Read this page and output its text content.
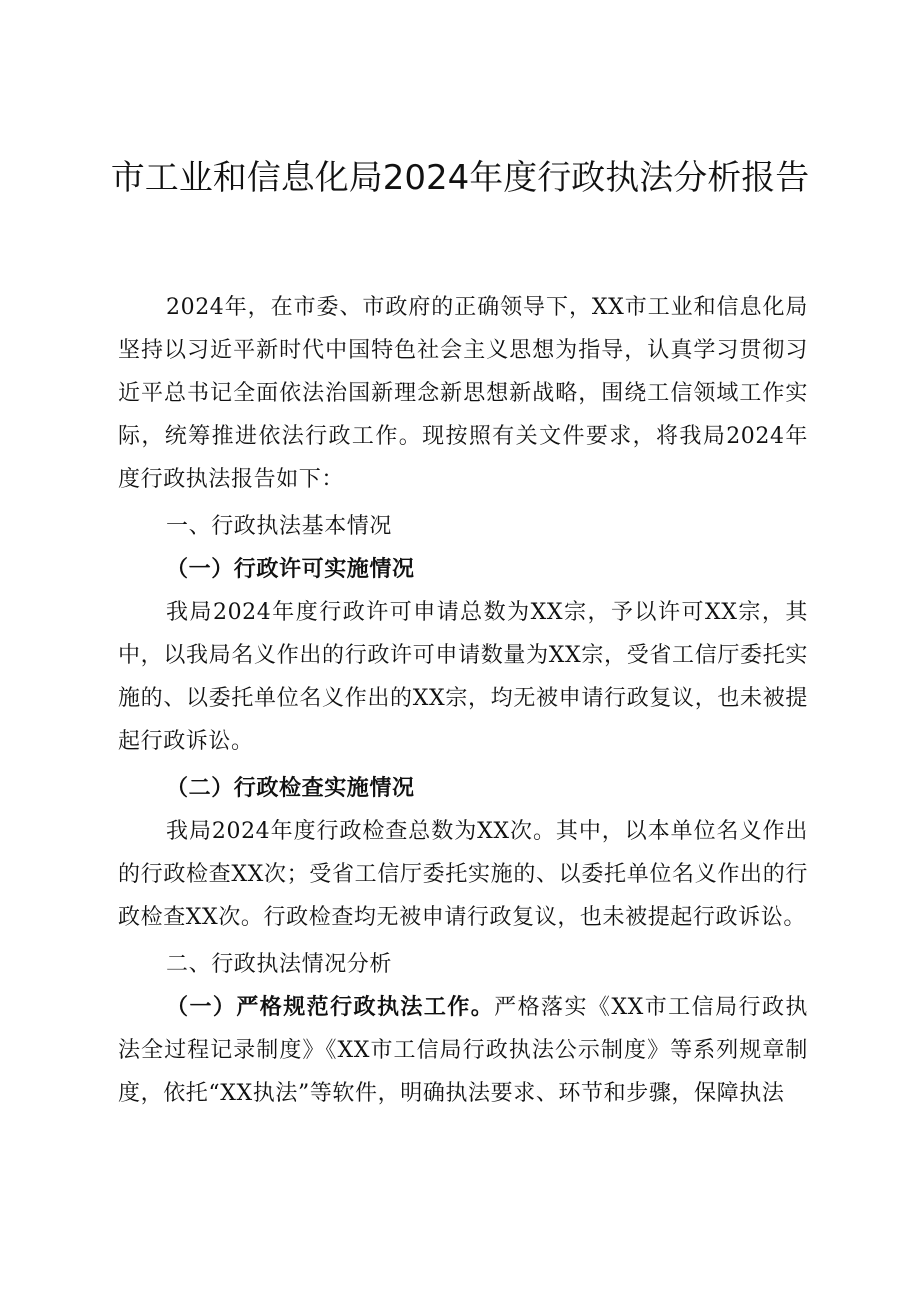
市工业和信息化局2024年度行政执法分析报告

2024年，在市委、市政府的正确领导下，XX市工业和信息化局坚持以习近平新时代中国特色社会主义思想为指导，认真学习贯彻习近平总书记全面依法治国新理念新思想新战略，围绕工信领域工作实际，统筹推进依法行政工作。现按照有关文件要求，将我局2024年度行政执法报告如下：

一、行政执法基本情况

（一）行政许可实施情况

我局2024年度行政许可申请总数为XX宗，予以许可XX宗，其中，以我局名义作出的行政许可申请数量为XX宗，受省工信厅委托实施的、以委托单位名义作出的XX宗，均无被申请行政复议，也未被提起行政诉讼。

（二）行政检查实施情况

我局2024年度行政检查总数为XX次。其中，以本单位名义作出的行政检查XX次；受省工信厅委托实施的、以委托单位名义作出的行政检查XX次。行政检查均无被申请行政复议，也未被提起行政诉讼。

二、行政执法情况分析

（一）严格规范行政执法工作。严格落实《XX市工信局行政执法全过程记录制度》《XX市工信局行政执法公示制度》等系列规章制度，依托“XX执法”等软件，明确执法要求、环节和步骤，保障执法
